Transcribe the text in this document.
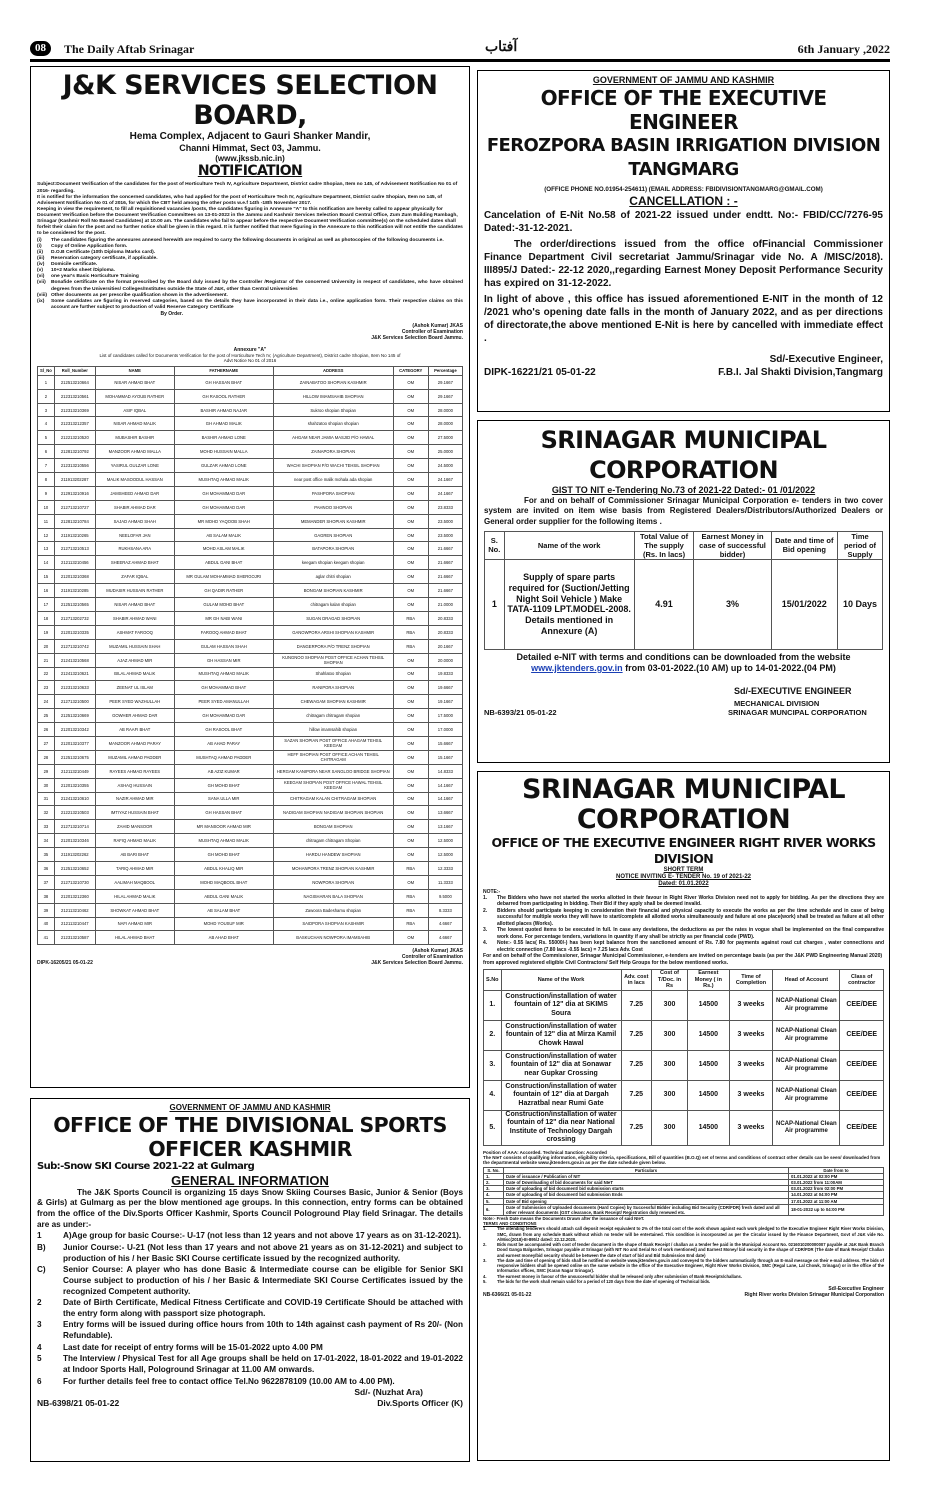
08	The Daily Aftab Srinagar	آفتاب	6th January ,2022
J&K SERVICES SELECTION BOARD,
Hema Complex, Adjacent to Gauri Shanker Mandir,
Channi Himmat, Sect 03, Jammu.
(www.jkssb.nic.in)
NOTIFICATION
Subject:Document Verification of the candidates for the post of Horticulture Tech IV, Agriculture Department, District cadre Shopian, Item no 145, of Advisement Notification No 01 of 2016- regarding.
It is notified for the information the concerned candidates, who had applied for the post of Horticulture Tech IV, Agriculture Department, District cadre Shopian, Item no 145, of Advisement Notification No 01 of 2016, for which the CBT held among the other posts w.e.f 14th -18th November 2017.
Keeping in view the requirement, to fill all requisitioned vacancies /posts, the candidates figuring in Annexure "A" to this notification are hereby called to appear physically for Document Verification before the Document Verification Committees on 13-01-2022 in the Jammu and Kashmir Services Selection Board Central Office, Zum Zum Building Rambagh, Srinagar (Kashmir Roll No Based Candidates) at 10.00 am. The candidates who fail to appear before the respective Document Verification committee(s) on the scheduled dates shall forfeit their claim for the post and no further notice shall be given in this regard. It is further notified that mere figuring in the Annexure to this notification will not entitle the candidates to be considered for the post.
(i)	The candidates figuring the annexures annexed herewith are required to carry the following documents in original as well as photocopies of the following documents i.e.
(i)	Copy of Online Application form.
(ii)	D.O.B Certificate (10th Diploma /Marks card).
(iii)	Reservation category certificate, if applicable.
(iv)	Domicile certificate.
(v)	10+2 Marks sheet /Diploma.
(vi)	one year's Basic Horticulture Training
(vii)	Bonafide certificate on the format prescribed by the Board duly issued by the Controller /Registrar of the concerned University in respect of candidates, who have obtained degrees from the Universities/ Colleges/Institutes outside the State of J&K, other than Central Universities
(viii) Other documents as per prescribe qualification shown in the advertisement.
(ix)	Some candidates are figuring in reserved categories, based on the details they have incorporated in their data i.e., online application form. Their respective claims on this account are further subject to production of valid Reserve Category Certificate
By Order.
(Ashok Kumar) JKAS
Controller of Examination
J&K Services Selection Board Jammu.
Annexure "A"
List of candidates called for Documents Verification for the post of Horticulture Tech IV, (Agriculture Department), District cadre Shopian, Item No 145 of Advt Notice No 01 of 2016
Sl_No	Roll_Number	NAME	FATHERNAME	ADDRESS	CATEGORY	Percentage
1	212513210664	NISAR AHMAD BHAT	GH HASSAN BHAT	ZAINABATOO SHOPIAN KASHMIR	OM	29.1667
2	212313210561	MOHAMMAD AYOUB RATHER	GH RASOOL RATHER	HILLOW IMAMSAHIB SHOPIAN	OM	29.1667
3	212313210369	ASIF IQBAL	BASHIR AHMAD NAJAR	Sukroo shopian Shopian	OM	28.0000
4	212313212357	NISAR AHMAD MALIK	GH AHMAD MALIK	shahzatoo shopian shopian	OM	28.0000
5	212213210520	MUBASHIR BASHIR	BASHIR AHMAD LONE	AHGAM NEAR JAMIA MASJID P/O HAWAL	OM	27.5000
6	212813210792	MANZOOR AHMAD MALLA	MOHD HUSSAIN MALLA	ZAINAPORA SHOPIAN	OM	25.0000
7	212313210556	YASIRUL GULZAR LONE	GULZAR AHMAD LONE	WACHI SHOPIAN P/O WACHI TEHSIL SHOPIAN	OM	24.5000
8	211913202287	MALIK MASOODUL HASSAN	MUSHTAQ AHMAD MALIK	near post office malik mohala ada shopian	OM	24.1667
9	212913210916	JAMSHEED AHMAD DAR	GH MOHAMMAD DAR	PASHPORA SHOPIAN	OM	24.1667
10	212713210727	SHABIR AHMAD DAR	GH MOHAMMAD DAR	PAHNOO SHOPIAN	OM	23.8333
11	212813210784	SAJAD AHMAD SHAH	MR MOHD YAQOOB SHAH	MEMANDER SHOPIAN KASHMIR	OM	23.5000
12	211913210265	NEELOFAR JAN	AB SALAM MALIK	GAGREN SHOPIAN	OM	23.5000
13	212713210513	RUKHSANA ARA	MOHD ASLAM MALIK	BATAPORA SHOPIAN	OM	21.6667
14	212113210456	SHEERAZ AHMAD BHAT	ABDUL GANI BHAT	keegam shopian keegam shopian	OM	21.6667
15	212013210368	ZAFAR IQBAL	MR GULAM MOHAMMAD SHERGOJRI	aglar chitri shopian	OM	21.6667
16	211913210285	MUDASIR HUSSAIN RATHER	GH QADIR RATHER	BONGAM SHOPIAN KASHMIR	OM	21.6667
17	212513210565	NISAR AHMAD BHAT	GULAM MOHD BHAT	chitragam kalan shopian	OM	21.0000
18	212713202732	SHABIR AHMAD WANI	MR GH NABI WANI	SUGAN DRAGAD SHOPIAN	RBA	20.8333
19	212013210335	ASHMAT FAROOQ	FAROOQ AHMAD BHAT	GANOWPORA ARSHI SHOPIAN KASHMIR	RBA	20.8333
20	212713210742	MUZAMIL HUSSAIN SHAH	GULAM HASSAN SHAH	DANGERPORA P/O TRENZ SHOPIAN	RBA	20.1667
21	212413210568	AJAZ AHMAD MIR	GH HASSAN MIR	KUNGNOO SHOPIAN POST OFFICE ACHAN TEHSIL SHOPIAN	OM	20.0000
22	212413210621	BILAL AHMAD MALIK	MUSHTAQ AHMAD MALIK	Shahlatoo Shopian	OM	19.8333
23	212313210633	ZEENAT UL ISLAM	GH MOHAMMAD BHAT	RANIPORA SHOPIAN	OM	19.6667
24	212713210500	PEER SYED WAZHULLAH	PEER SYED AMANULLAH	CHEWAGAM SHOPIAN KASHMIR	OM	19.1667
25	212513210669	GOWHER AHMAD DAR	GH MOHAMMAD DAR	chitragam chitragam shopian	OM	17.5000
26	212013210342	AB RAAFI BHAT	GH RASOOL BHAT	hillow imamsahib shopian	OM	17.0000
27	212013210377	MANZOOR AHMAD PARAY	AB AHAD PARAY	SAZAN SHOPIAN POST OFFICE AHAGAM TEHSIL KEEGAM	OM	15.6667
28	212513210675	MUZAMIL AHMAD PADDER	MUSHTAQ AHMAD PADDER	HEFF SHOPIAN POST OFFICE ACHAN TEHSIL CHITRAGAM	OM	15.1667
29	212113210449	RAYEES AHMAD RAYEES	AB AZIZ KUMAR	HERGAM KANIPORA NEAR SANGLOO BRIDGE SHOPIAN	OM	14.8333
30	212013210355	ASHAQ HUSSAIN	GH MOHD BHAT	KEEGAM SHOPIAN POST OFFICE HAWAL TEHSIL KEEGAM	OM	14.1667
31	212413210610	NAZIR AHMAD MIR	SANA ULLA MIR	CHITRAGAM KALAN CHITRAGAM SHOPIAN	OM	14.1667
32	212213210503	IMTIYAZ HUSSAIN BHAT	GH HASSAN BHAT	NADIGAM SHOPIAN NADIGAM SHOPIAN SHOPIAN	OM	13.6667
33	212713210714	ZAHID MANSOOR	MR MANSOOR AHMAD MIR	BONGAM SHOPIAN	OM	13.1667
34	212013210346	RAFIQ AHMAD MALIK	MUSHTAQ AHMAD MALIK	chitragam chitragam Shopian	OM	12.5000
35	211913202262	AB BARI BHAT	GH MOHD BHAT	HARDU HANDEW SHOPIAN	OM	12.5000
36	212513210652	TARIQ AHMAD MIR	ABDUL KHALIQ MIR	MOHANPORA TRENZ SHOPIAN KASHMIR	RBA	12.3333
37	212713210730	AALIMAH MAQBOOL	MOHD MAQBOOL BHAT	NOWPORA SHOPIAN	OM	11.3333
38	212013212360	HILAL AHMAD MALIK	ABDUL GANI MALIK	NAGISHARAN BALA SHOPIAN	RBA	9.5000
39	212113210462	SHOWKAT AHMAD BHAT	AB SALAM BHAT	Zawoora Badeshamu shopian	RBA	8.3333
40	212113210447	NAFI AHMAD MIR	MOHD YOUSUF MIR	SAIDPORA SHOPIAN KASHMIR	RBA	4.6667
41	212313210587	HILAL AHMAD BHAT	AB AHAD BHAT	BASKUCHAN NOWPORA IMAMSAHIB	OM	4.6667
(Ashok Kumar) JKAS
Controller of Examination
DIPK-16205/21 05-01-22	J&K Services Selection Board Jammu.
GOVERNMENT OF JAMMU AND KASHMIR
OFFICE OF THE DIVISIONAL SPORTS OFFICER KASHMIR
Sub:-Snow SKI Course 2021-22 at Gulmarg
GENERAL INFORMATION
The J&K Sports Council is organizing 15 days Snow Skiing Courses Basic, Junior & Senior (Boys & Girls) at Gulmarg as per the blow mentioned age groups. In this connection, entry forms can be obtained from the office of the Div.Sports Officer Kashmir, Sports Council Pologround Play field Srinagar. The details are as under:-
1	A)Age group for basic Course:- U-17 (not less than 12 years and not above 17 years as on 31-12-2021).
B)	Junior Course:- U-21 (Not less than 17 years and not above 21 years as on 31-12-2021) and subject to production of his / her Basic SKI Course certificate issued by the recognized authority.
C)	Senior Course: A player who has done Basic & Intermediate course can be eligible for Senior SKI Course subject to production of his / her Basic & Intermediate SKI Course Certificates issued by the recognized Competent authority.
2	Date of Birth Certificate, Medical Fitness Certificate and COVID-19 Certificate Should be attached with the entry form along with passport size photograph.
3	Entry forms will be issued during office hours from 10th to 14th against cash payment of Rs 20/- (Non Refundable).
4	Last date for receipt of entry forms will be 15-01-2022 upto 4.00 PM
5	The Interview / Physical Test for all Age groups shall be held on 17-01-2022, 18-01-2022 and 19-01-2022 at Indoor Sports Hall, Pologround Srinagar at 11.00 AM onwards.
6	For further details feel free to contact office Tel.No 9622878109 (10.00 AM to 4.00 PM).
Sd/- (Nuzhat Ara)
NB-6398/21 05-01-22	Div.Sports Officer (K)
GOVERNMENT OF JAMMU AND KASHMIR
OFFICE OF THE EXECUTIVE ENGINEER
FEROZPORA BASIN IRRIGATION DIVISION TANGMARG
(OFFICE PHONE NO.01954-254611) (EMAIL ADDRESS: FBIDIVISIONTANGMARG@GMAIL.COM)
CANCELLATION : -
Cancelation of E-Nit No.58 of 2021-22 issued under endtt. No:- FBID/CC/7276-95 Dated:-31-12-2021.
The order/directions issued from the office ofFinancial Commissioner Finance Department Civil secretariat Jammu/Srinagar vide No. A /MISC/2018). III895/J Dated:- 22-12 2020,,regarding Earnest Money Deposit Performance Security has expired on 31-12-2022.
In light of above , this office has issued aforementioned E-NIT in the month of 12 /2021 who's opening date falls in the month of January 2022, and as per directions of directorate,the above mentioned E-Nit is here by cancelled with immediate effect .
Sd/-Executive Engineer,
DIPK-16221/21 05-01-22	F.B.I. Jal Shakti Division,Tangmarg
SRINAGAR MUNICIPAL CORPORATION
GIST TO NIT e-Tendering No.73 of 2021-22 Dated:- 01 /01/2022
For and on behalf of Commissioner Srinagar Municipal Corporation e- tenders in two cover system are invited on item wise basis from Registered Dealers/Distributors/Authorized Dealers or General order supplier for the following items .
S. No.	Name of the work	Total Value of The supply (Rs. In lacs)	Earnest Money in case of successful bidder)	Date and time of Bid opening	Time period of Supply
1	Supply of spare parts required for (Suction/Jetting Night Soil Vehicle ) Make TATA-1109 LPT.MODEL-2008. Details mentioned in Annexure (A)	4.91	3%	15/01/2022	10 Days
Detailed e-NIT with terms and conditions can be downloaded from the website
www.jktenders.gov.in from 03-01-2022.(10 AM) up to 14-01-2022.(04 PM)
Sd/-EXECUTIVE ENGINEER
MECHANICAL DIVISION
NB-6393/21 05-01-22	SRINAGAR MUNCIPAL CORPORATION
SRINAGAR MUNICIPAL CORPORATION
OFFICE OF THE EXECUTIVE ENGINEER RIGHT RIVER WORKS DIVISION
SHORT TERM
NOTICE INVITING E- TENDER No. 19 of 2021-22
Dated: 01.01.2022
NOTE:-
1.	The Bidders who have not started the works allotted in their favour in Right River Works Division need not to apply for bidding. As per the directions they are debarred from participating in bidding. Their Bid if they apply shall be deemed invalid.
2.	Bidders should participate keeping in consideration their financial and physical capacity to execute the works as per the time schedule and in case of being successful for multiple works they will have to start/complete all allotted works simultaneously and failure at one place(work) shall be treated as failure at all other allotted places (Works).
3.	The lowest quoted items to be executed in full. In case any deviations, the deductions as per the rates in vogue shall be implemented on the final comparative work done. For percentage tenders, variations in quantity if any shall be strictly as per financial code (PWD).
4.	Note:- 0.55 lacs( Rs. 55000/-) has been kept balance from the sanctioned amount of Rs. 7.80 for payments against road cut charges , water connections and electric connection (7.80 lacs -0.55 lacs) = 7.25 lacs Adv. Cost
For and on behalf of the Commissioner, Srinagar Municipal Commissioner, e-tenders are invited on percentage basis (as per the J&K PWD Engineering Manual 2020) from approved registered eligible Civil Contractors/ Self Help Groups for the below mentioned works.
S.No	Name of the Work	Adv. cost in lacs	Cost of T/Doc. in Rs	Earnest Money ( in Rs.)	Time of Completion	Head of Account	Class of contractor
1.	Construction/installation of water fountain of 12" dia at SKIMS Soura	7.25	300	14500	3 weeks	NCAP-National Clean Air programme	CEE/DEE
2.	Construction/installation of water fountain of 12" dia at Mirza Kamil Chowk Hawal	7.25	300	14500	3 weeks	NCAP-National Clean Air programme	CEE/DEE
3.	Construction/installation of water fountain of 12" dia at Sonawar near Gupkar Crossing	7.25	300	14500	3 weeks	NCAP-National Clean Air programme	CEE/DEE
4.	Construction/installation of water fountain of 12" dia at Dargah Hazratbal near Rumi Gate	7.25	300	14500	3 weeks	NCAP-National Clean Air programme	CEE/DEE
5.	Construction/installation of water fountain of 12" dia near National Institute of Technology Dargah crossing	7.25	300	14500	3 weeks	NCAP-National Clean Air programme	CEE/DEE
Position of AAA: Accorded. Technical Sanction: Accorded
The NIeT consists of qualifying information, eligibility criteria, specifications, Bill of quantities (B.O.Q) set of terms and conditions of contract other details can be seen/ downloaded from the departmental website www.jktenders.gov.in as per the date schedule given below.
S. No.	Particulars	Date from to
1.	Date of issuance / Publication of NIT	01.01.2022 at 02:00 PM
2.	Date of Downloading of bid documents for said NIeT	03.01.2022 from 11:00AM
3.	Date of uploading of bid document/ bid submission starts	03.01.2022 from 02:00 PM
4.	Date of uploading of bid document/ bid submission Ends	14.01.2022 at 04:00 PM
5.	Date of Bid opening	17.01.2022 at 11:00 AM
6.	Date of Submission of Uploaded documents (Hard Copies) by Successful Bidder including Bid Security (CDR/FDR) fresh dated and all other relevant documents (GST clearance, Bank Receipt/ Registration duly renewed etc.	18-01-2022 up to 04:00 PM
Note:- Fresh Date means the Documents Drawn after the issuance of said NIeT.
TERMS AND CONDITIONS
1.	The intending tenderers should attach call deposit receipt equivalent to 2% of the total cost of the work shown against each work pledged to the Executive Engineer Right River Works Division, SMC, drawn from any schedule Bank without which no tender will be entertained. This condition is incorporated as per the Circular issued by the Finance Department, Govt of J&K vide No. A/Misc(2018)-III-895/J dated: 22.12.2020.
2.	Bids must be accompanied with cost of tender document in the shape of Bank Receipt / challan as a tender fee paid in the Municipal Account No. 0216010200000007 payable at J&K Bank Branch Dood Ganga Balgarden, Srinagar payable at Srinagar (with NIT No and Serial No of work mentioned) and Earnest Money/ bid security in the shape of CDR/FDR (The date of Bank Receipt/ Challan and earnest money/bid security should be between the date of start of bid and Bid Submission End date)
3.	The date and time of opening of bids shall be notified on website www.jktenders.gov.in and conveyed to the bidders automatically through an E-mail message on their e-mail address. The bids of responsive bidders shall be opened online on the same website in the office of the Executive Engineer, Right River Works Division, SMC (Regal Lane, Lal Chowk, Srinagar) or in the office of the Informatics offices, SMC (Karan Nagar Srinagar).
4.	The earnest money in favour of the unsuccessful bidder shall be released only after submission of Bank Receipts/challans.
5.	The bids for the work shall remain valid for a period of 120 days from the date of opening of Technical bids.
Sd/-Executive Engineer
NB-6366/21 05-01-22	Right River works Division Srinagar Municipal Corporation
